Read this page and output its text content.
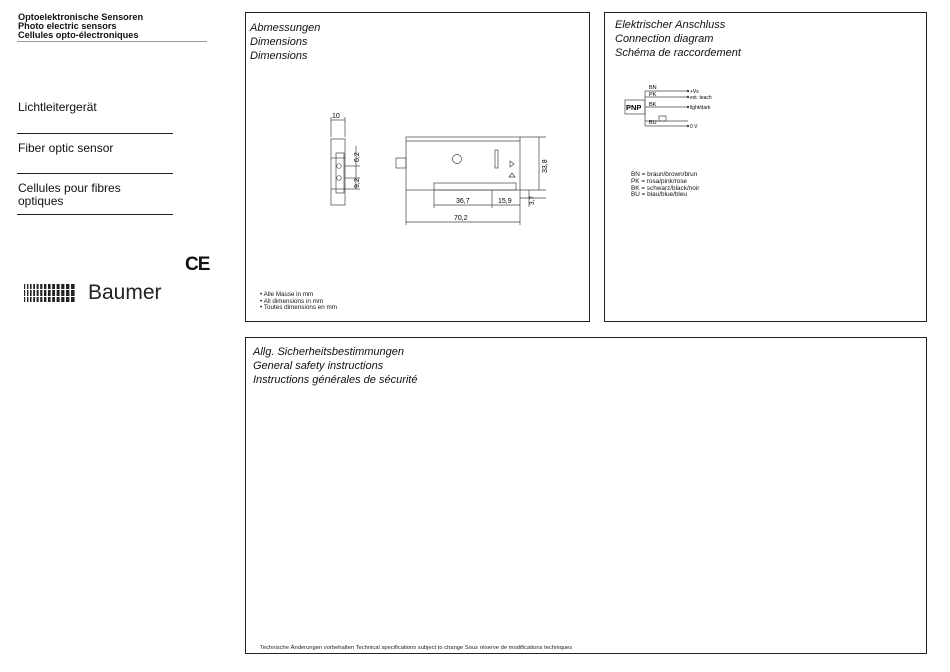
Optoelektronische Sensoren
Photo electric sensors
Cellules opto-électroniques
Lichtleitergerät
Fiber optic sensor
Cellules pour fibres
optiques
CE
Baumer
Abmessungen
Dimensions
Dimensions
10
6,2
9,2
33,8
3,7
36,7	15,9
70,2
• Alle Masse in mm
• All dimensions in mm
• Toutes dimensions en mm
Elektrischer Anschluss
Connection diagram
Schéma de raccordement
PNP
BN
PK
BK
BU
+Vs
ext. teach
light/dark
0 V
BN = braun/brown/brun
PK = rosa/pink/rose
BK = schwarz/black/noir
BU = blau/blue/bleu
Allg. Sicherheitsbestimmungen
General safety instructions
Instructions générales de sécurité
Technische Änderungen vorbehalten Technical specifications subject to change Sous réserve de modifications techniques
